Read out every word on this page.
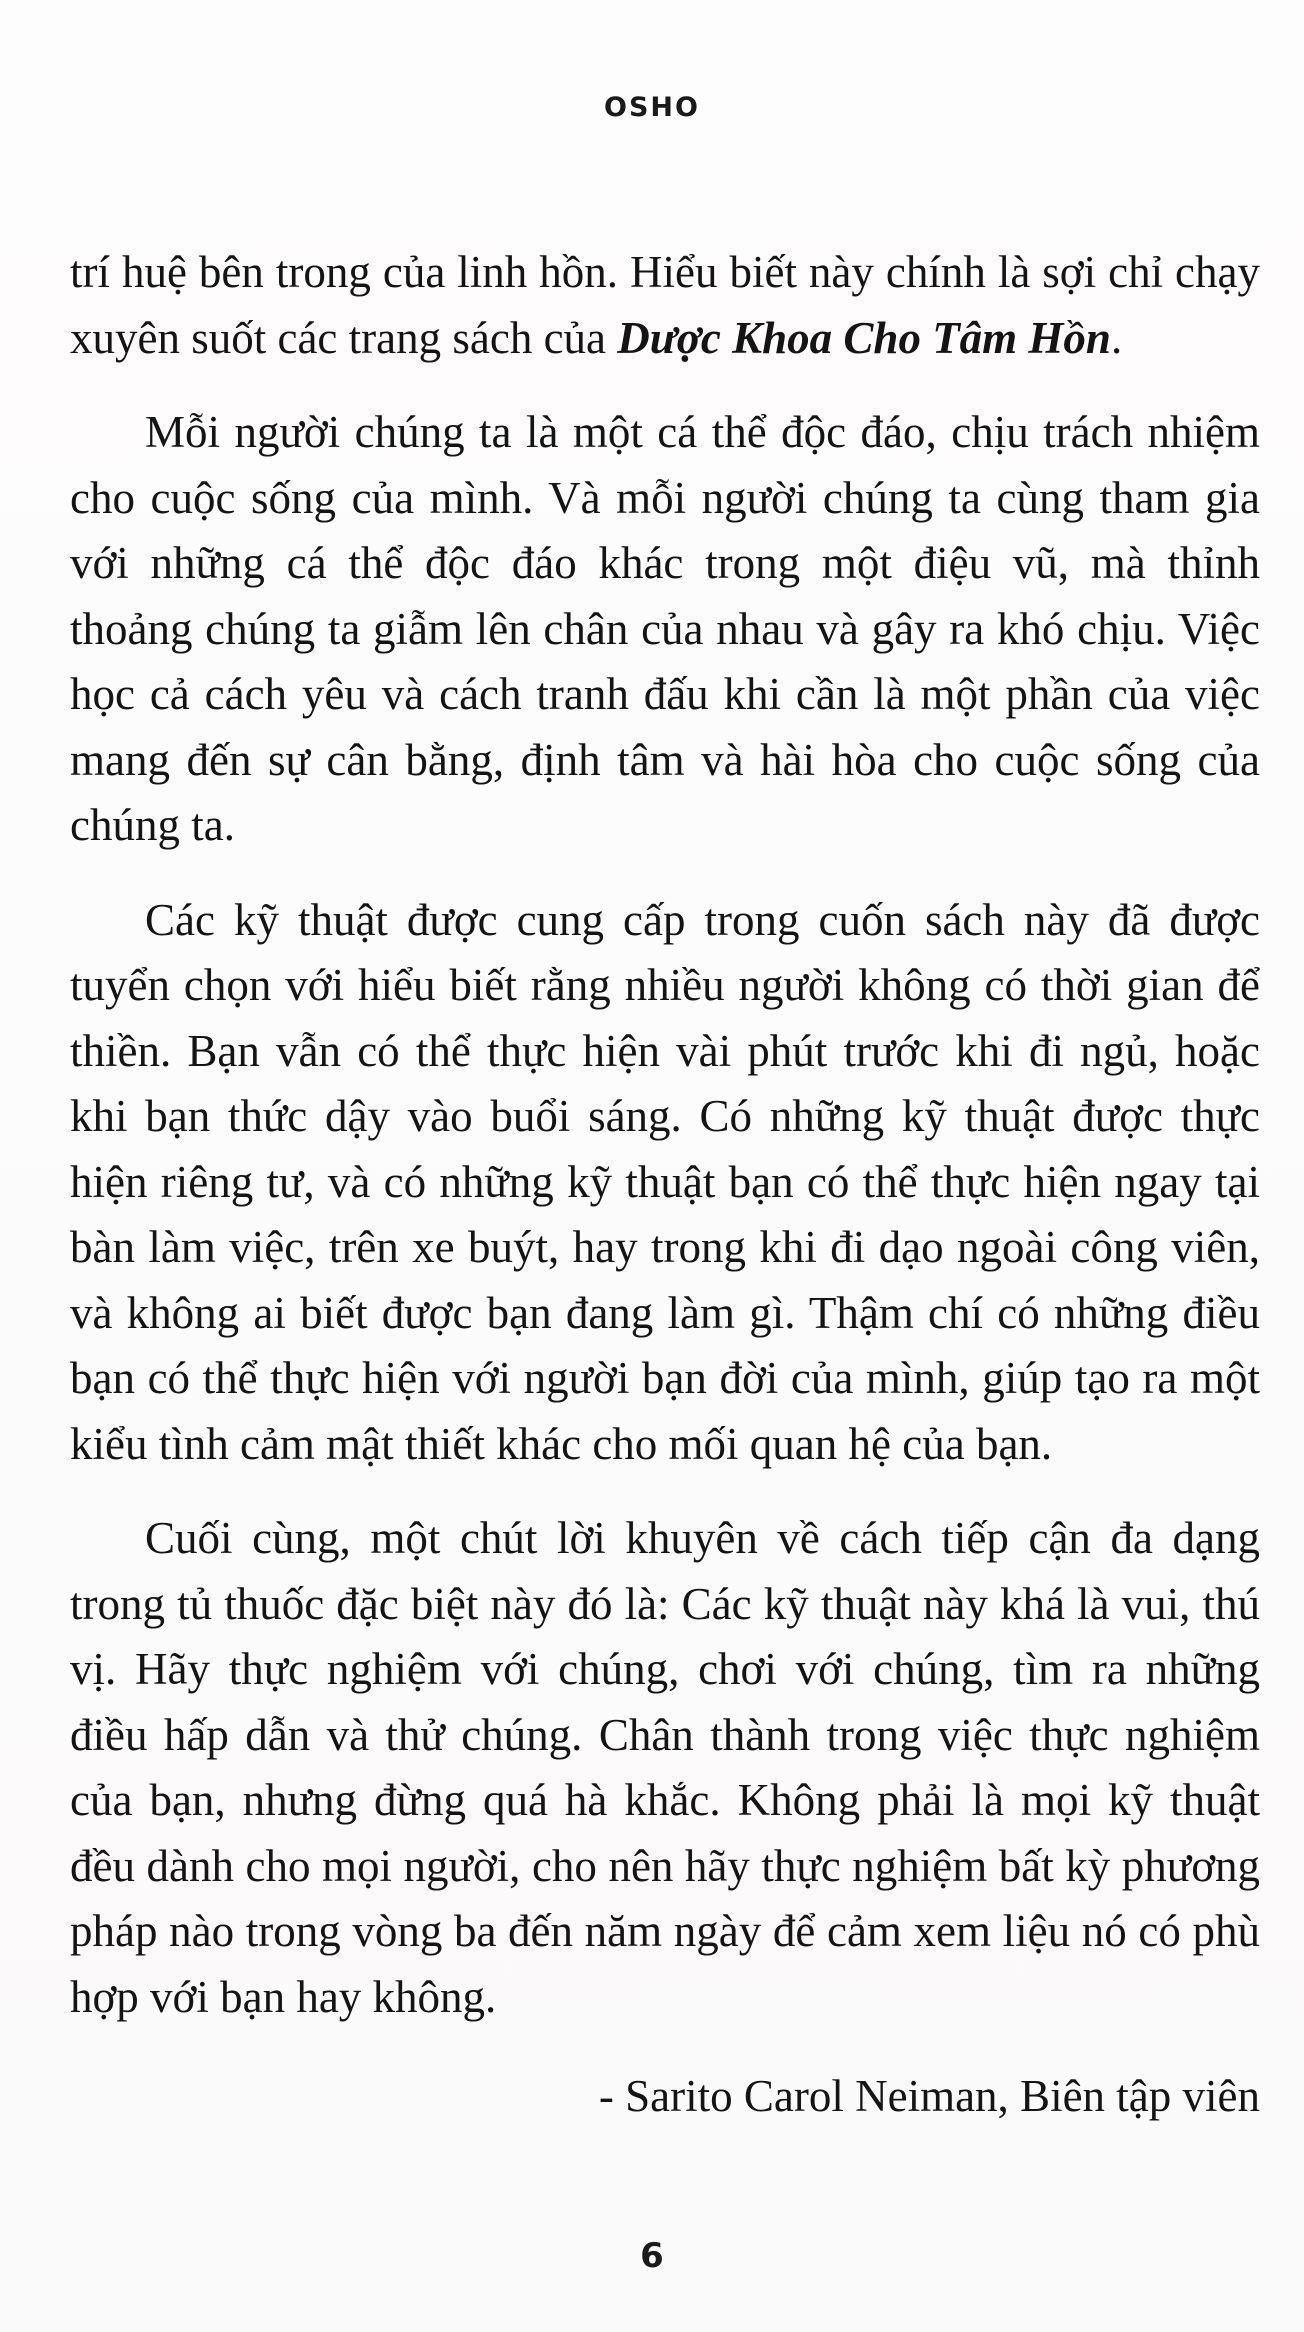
OSHO

trí huệ bên trong của linh hồn. Hiểu biết này chính là sợi chỉ chạy xuyên suốt các trang sách của Dược Khoa Cho Tâm Hồn.

Mỗi người chúng ta là một cá thể độc đáo, chịu trách nhiệm cho cuộc sống của mình. Và mỗi người chúng ta cùng tham gia với những cá thể độc đáo khác trong một điệu vũ, mà thỉnh thoảng chúng ta giẫm lên chân của nhau và gây ra khó chịu. Việc học cả cách yêu và cách tranh đấu khi cần là một phần của việc mang đến sự cân bằng, định tâm và hài hòa cho cuộc sống của chúng ta.

Các kỹ thuật được cung cấp trong cuốn sách này đã được tuyển chọn với hiểu biết rằng nhiều người không có thời gian để thiền. Bạn vẫn có thể thực hiện vài phút trước khi đi ngủ, hoặc khi bạn thức dậy vào buổi sáng. Có những kỹ thuật được thực hiện riêng tư, và có những kỹ thuật bạn có thể thực hiện ngay tại bàn làm việc, trên xe buýt, hay trong khi đi dạo ngoài công viên, và không ai biết được bạn đang làm gì. Thậm chí có những điều bạn có thể thực hiện với người bạn đời của mình, giúp tạo ra một kiểu tình cảm mật thiết khác cho mối quan hệ của bạn.

Cuối cùng, một chút lời khuyên về cách tiếp cận đa dạng trong tủ thuốc đặc biệt này đó là: Các kỹ thuật này khá là vui, thú vị. Hãy thực nghiệm với chúng, chơi với chúng, tìm ra những điều hấp dẫn và thử chúng. Chân thành trong việc thực nghiệm của bạn, nhưng đừng quá hà khắc. Không phải là mọi kỹ thuật đều dành cho mọi người, cho nên hãy thực nghiệm bất kỳ phương pháp nào trong vòng ba đến năm ngày để cảm xem liệu nó có phù hợp với bạn hay không.

- Sarito Carol Neiman, Biên tập viên

6
